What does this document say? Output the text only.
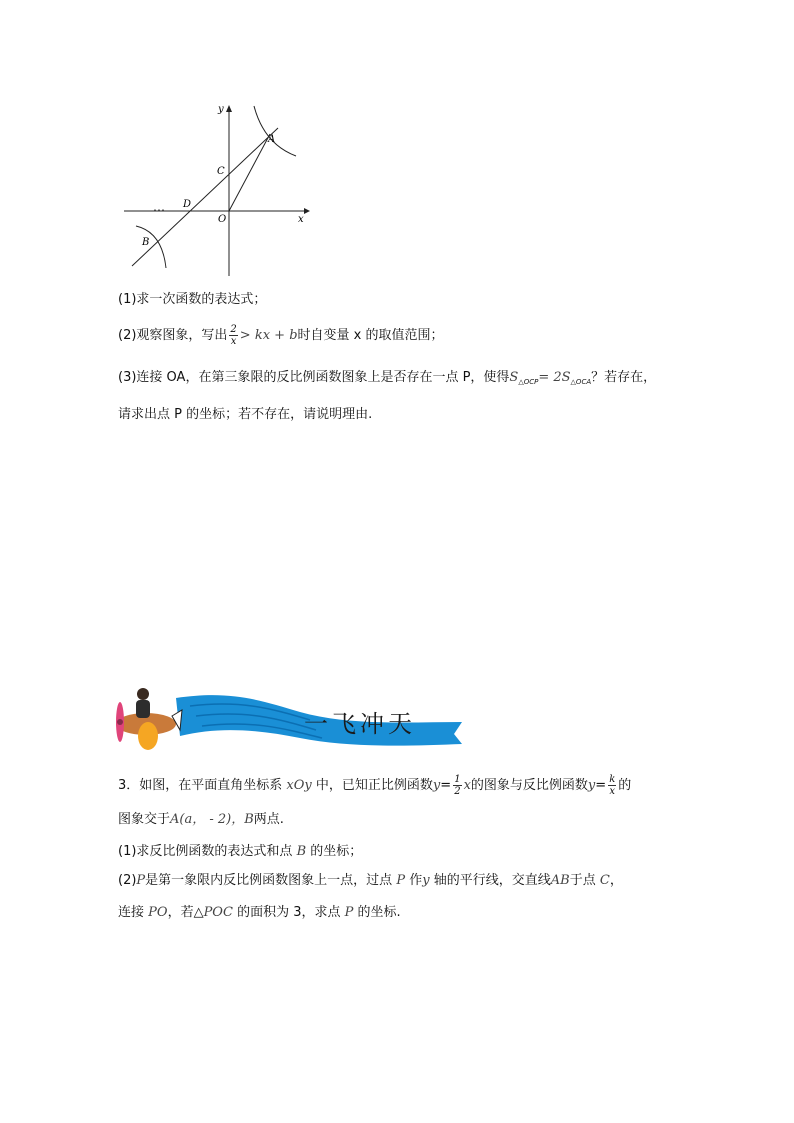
y
x
A
B
C
D
O
(1)求一次函数的表达式；
(2)观察图象，写出 $\frac{2}{x}$ > kx + b时自变量 x 的取值范围；
(3)连接 OA，在第三象限的反比例函数图象上是否存在一点 P，使得$S_{\triangle OCP}= 2S_{\triangle OCA}$？若存在，
请求出点 P 的坐标；若不存在，请说明理由.
一飞冲天
3．如图，在平面直角坐标系 xOy 中，已知正比例函数$y= \frac{1}{2}$ x的图象与反比例函数$y= \frac{k}{x}$ 的
图象交于A(a， - 2)，B两点.
(1)求反比例函数的表达式和点 B 的坐标；
(2)P是第一象限内反比例函数图象上一点，过点 P 作y 轴的平行线，交直线AB于点 C，
连接 PO，若△POC 的面积为 3，求点 P 的坐标.
